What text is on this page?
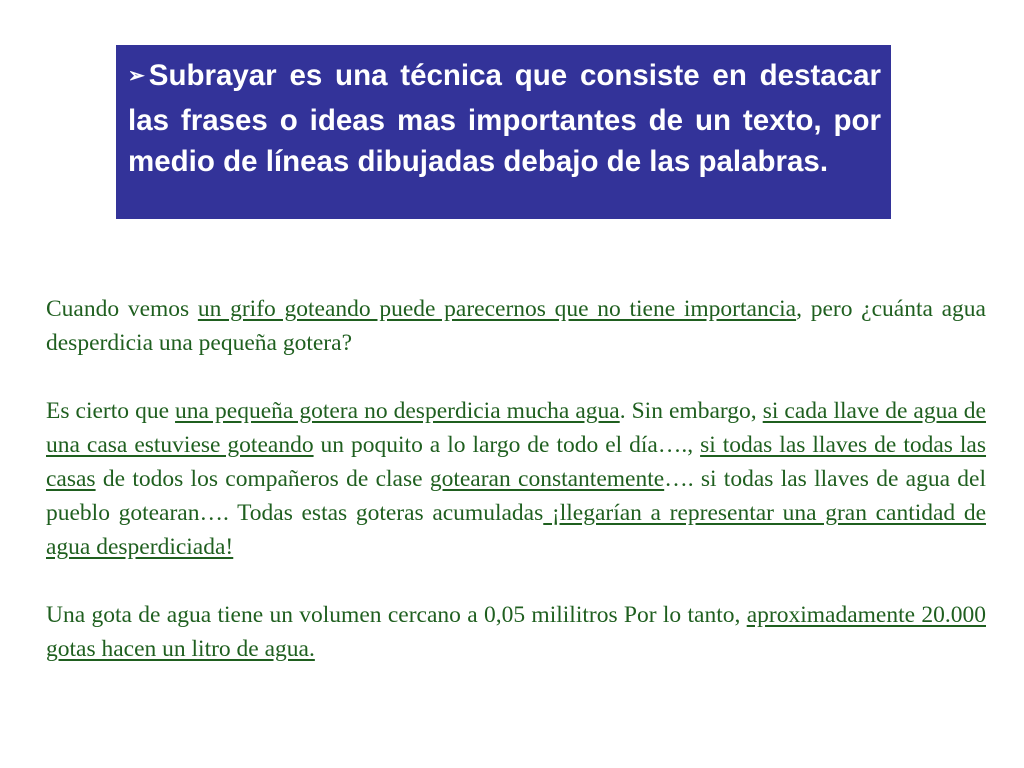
➢ Subrayar es una técnica que consiste en destacar las frases o ideas mas importantes de un texto, por medio de líneas dibujadas debajo de las palabras.

Cuando vemos un grifo goteando puede parecernos que no tiene importancia, pero ¿cuánta agua desperdicia una pequeña gotera?

Es cierto que una pequeña gotera no desperdicia mucha agua. Sin embargo, si cada llave de agua de una casa estuviese goteando un poquito a lo largo de todo el día…., si todas las llaves de todas las casas de todos los compañeros de clase gotearan constantemente…. si todas las llaves de agua del pueblo gotearan…. Todas estas goteras acumuladas ¡llegarían a representar una gran cantidad de agua desperdiciada!

Una gota de agua tiene un volumen cercano a 0,05 mililitros Por lo tanto, aproximadamente 20.000 gotas hacen un litro de agua.
